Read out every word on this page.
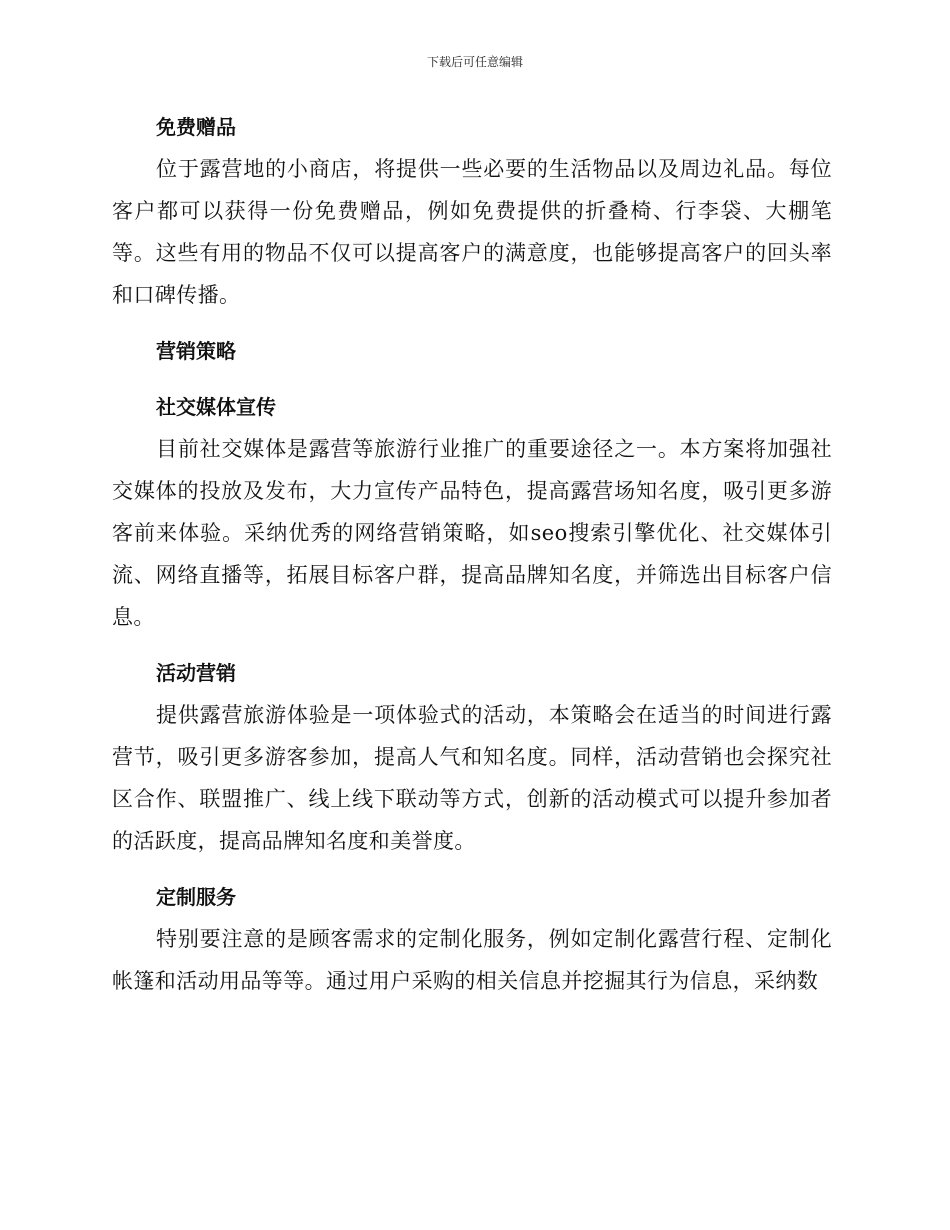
下载后可任意编辑
免费赠品

位于露营地的小商店，将提供一些必要的生活物品以及周边礼品。每位客户都可以获得一份免费赠品，例如免费提供的折叠椅、行李袋、大棚笔等。这些有用的物品不仅可以提高客户的满意度，也能够提高客户的回头率和口碑传播。

营销策略
社交媒体宣传

目前社交媒体是露营等旅游行业推广的重要途径之一。本方案将加强社交媒体的投放及发布，大力宣传产品特色，提高露营场知名度，吸引更多游客前来体验。采纳优秀的网络营销策略，如seo搜索引擎优化、社交媒体引流、网络直播等，拓展目标客户群，提高品牌知名度，并筛选出目标客户信息。

活动营销

提供露营旅游体验是一项体验式的活动，本策略会在适当的时间进行露营节，吸引更多游客参加，提高人气和知名度。同样，活动营销也会探究社区合作、联盟推广、线上线下联动等方式，创新的活动模式可以提升参加者的活跃度，提高品牌知名度和美誉度。

定制服务

特别要注意的是顾客需求的定制化服务，例如定制化露营行程、定制化帐篷和活动用品等等。通过用户采购的相关信息并挖掘其行为信息，采纳数
